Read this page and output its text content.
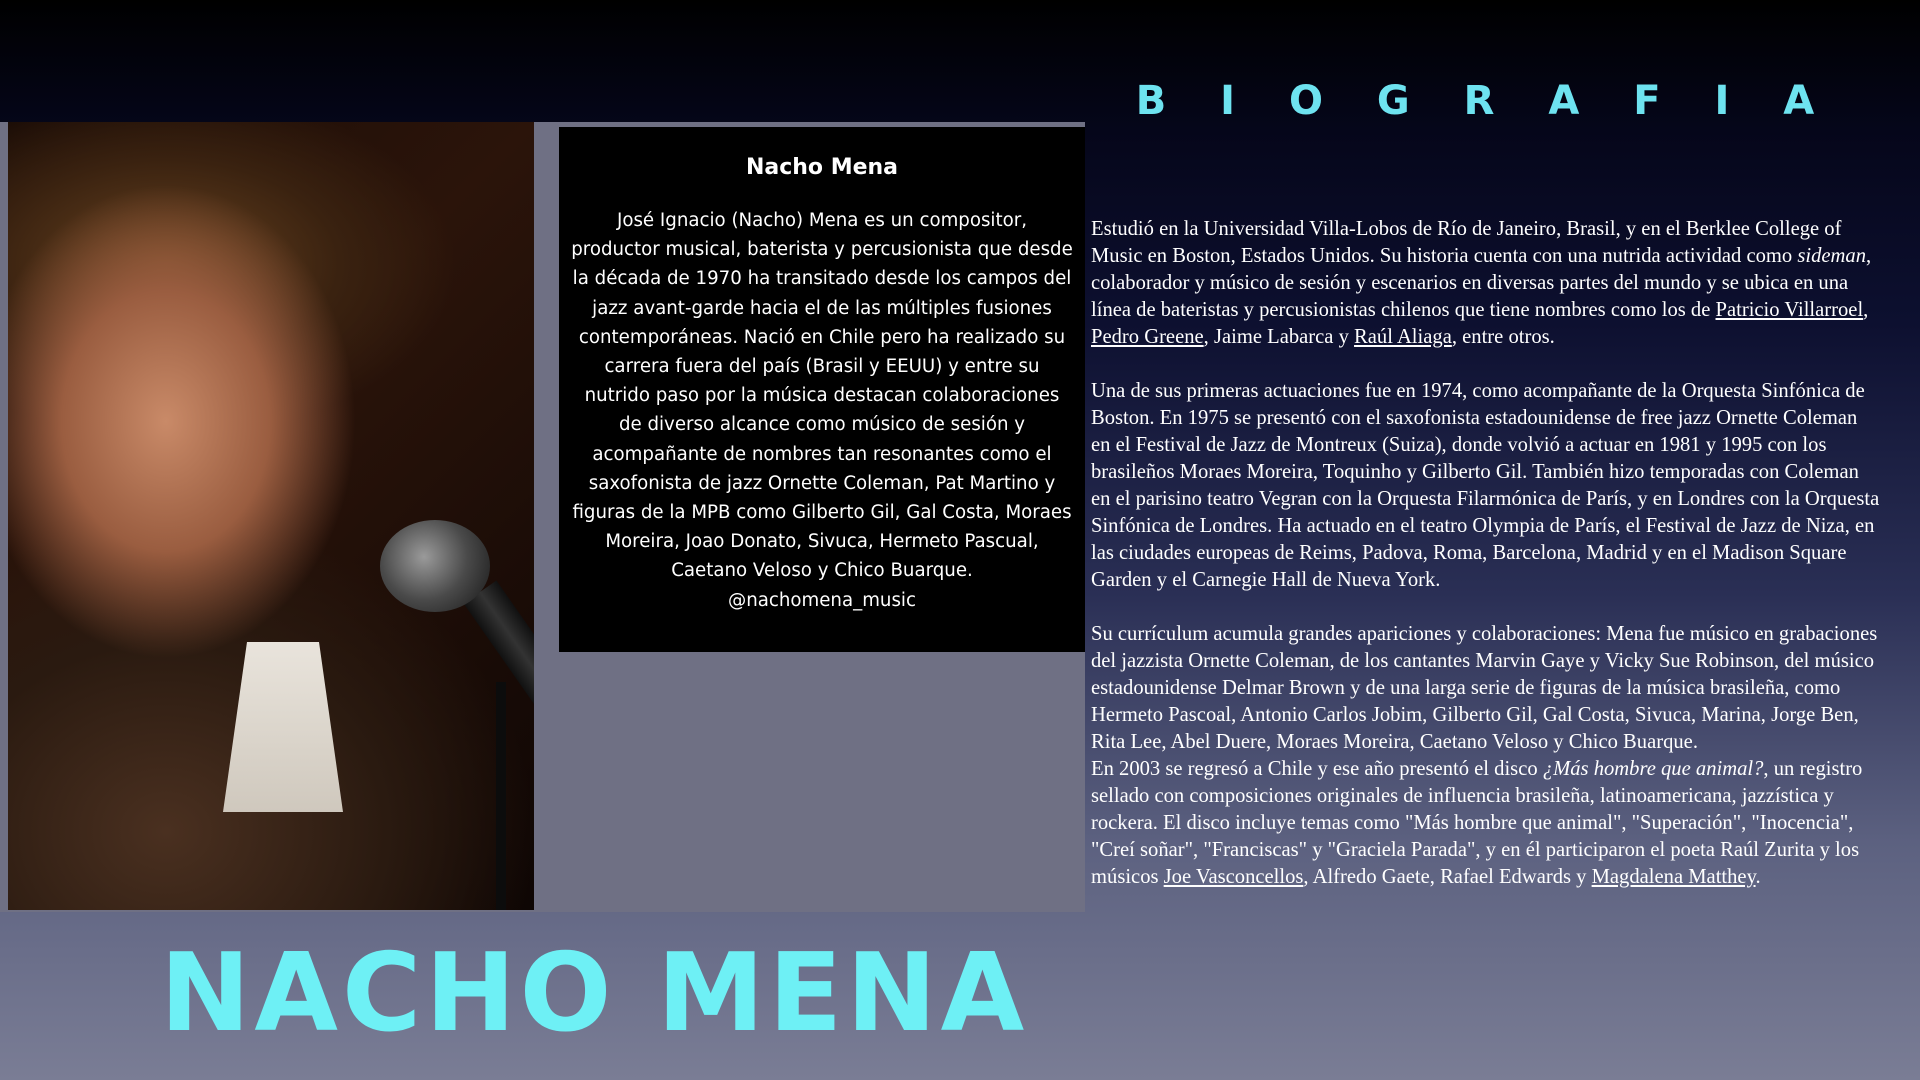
Nacho Mena

José Ignacio (Nacho) Mena es un compositor, productor musical, baterista y percusionista que desde la década de 1970 ha transitado desde los campos del jazz avant-garde hacia el de las múltiples fusiones contemporáneas. Nació en Chile pero ha realizado su carrera fuera del país (Brasil y EEUU) y entre su nutrido paso por la música destacan colaboraciones de diverso alcance como músico de sesión y acompañante de nombres tan resonantes como el saxofonista de jazz Ornette Coleman, Pat Martino y figuras de la MPB como Gilberto Gil, Gal Costa, Moraes Moreira, Joao Donato, Sivuca, Hermeto Pascual, Caetano Veloso y Chico Buarque.

@nachomena_music

B I O G R A F I A

Estudió en la Universidad Villa-Lobos de Río de Janeiro, Brasil, y en el Berklee College of Music en Boston, Estados Unidos. Su historia cuenta con una nutrida actividad como sideman, colaborador y músico de sesión y escenarios en diversas partes del mundo y se ubica en una línea de bateristas y percusionistas chilenos que tiene nombres como los de Patricio Villarroel, Pedro Greene, Jaime Labarca y Raúl Aliaga, entre otros.

Una de sus primeras actuaciones fue en 1974, como acompañante de la Orquesta Sinfónica de Boston. En 1975 se presentó con el saxofonista estadounidense de free jazz Ornette Coleman en el Festival de Jazz de Montreux (Suiza), donde volvió a actuar en 1981 y 1995 con los brasileños Moraes Moreira, Toquinho y Gilberto Gil. También hizo temporadas con Coleman en el parisino teatro Vegran con la Orquesta Filarmónica de París, y en Londres con la Orquesta Sinfónica de Londres. Ha actuado en el teatro Olympia de París, el Festival de Jazz de Niza, en las ciudades europeas de Reims, Padova, Roma, Barcelona, Madrid y en el Madison Square Garden y el Carnegie Hall de Nueva York.

Su currículum acumula grandes apariciones y colaboraciones: Mena fue músico en grabaciones del jazzista Ornette Coleman, de los cantantes Marvin Gaye y Vicky Sue Robinson, del músico estadounidense Delmar Brown y de una larga serie de figuras de la música brasileña, como Hermeto Pascoal, Antonio Carlos Jobim, Gilberto Gil, Gal Costa, Sivuca, Marina, Jorge Ben, Rita Lee, Abel Duere, Moraes Moreira, Caetano Veloso y Chico Buarque.

En 2003 se regresó a Chile y ese año presentó el disco ¿Más hombre que animal?, un registro sellado con composiciones originales de influencia brasileña, latinoamericana, jazzística y rockera. El disco incluye temas como "Más hombre que animal", "Superación", "Inocencia", "Creí soñar", "Franciscas" y "Graciela Parada", y en él participaron el poeta Raúl Zurita y los músicos Joe Vasconcellos, Alfredo Gaete, Rafael Edwards y Magdalena Matthey.

NACHO MENA
